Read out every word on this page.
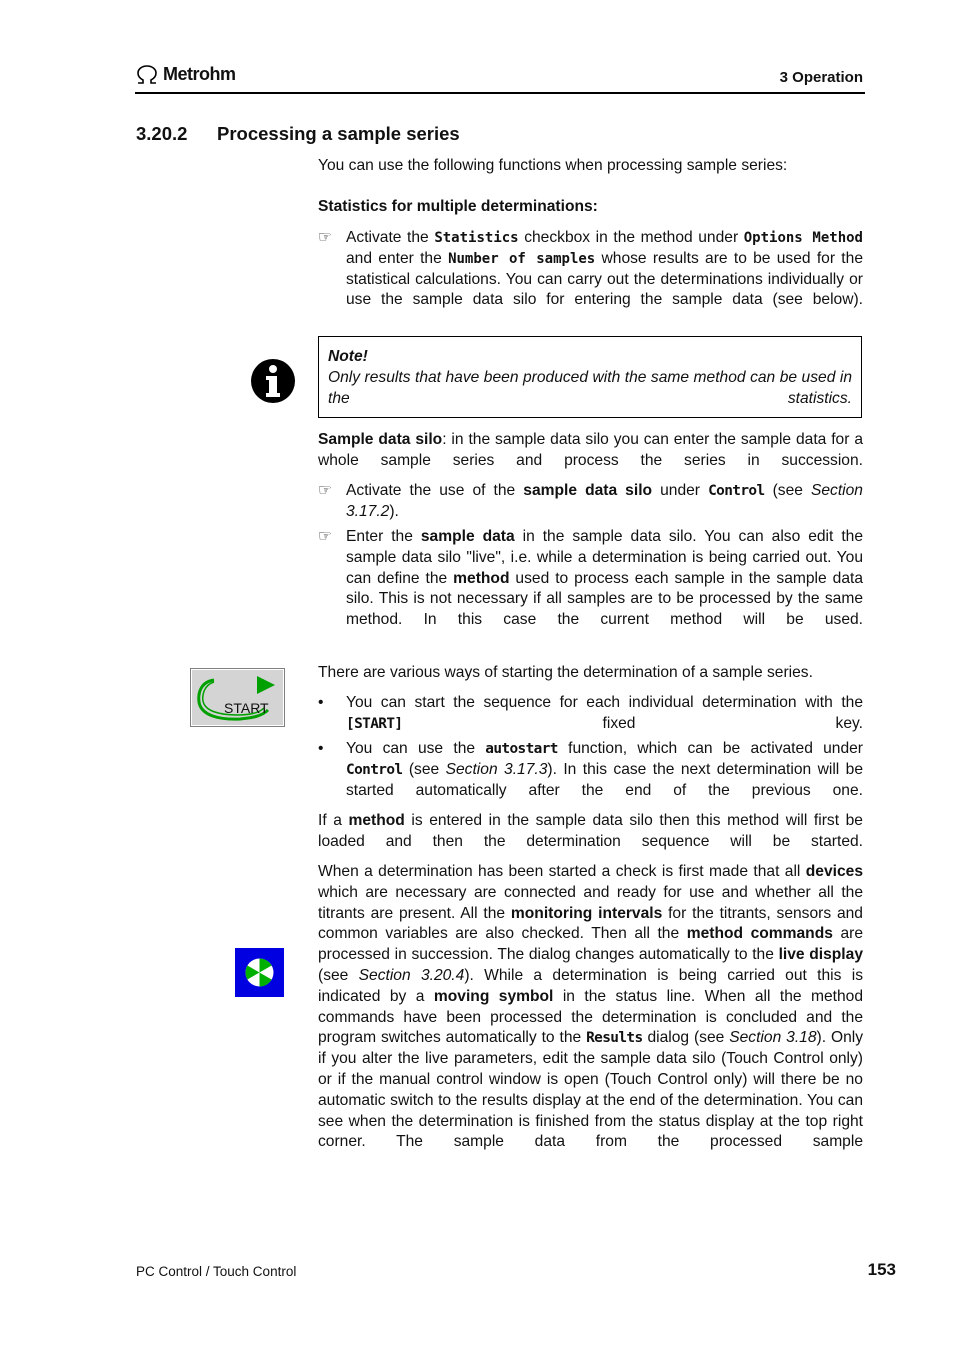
Metrohm	3 Operation
3.20.2 Processing a sample series

You can use the following functions when processing sample series:

Statistics for multiple determinations:
☞ Activate the Statistics checkbox in the method under Options Method and enter the Number of samples whose results are to be used for the statistical calculations. You can carry out the determinations individually or use the sample data silo for entering the sample data (see below).

Note!

Only results that have been produced with the same method can be used in the statistics.

Sample data silo: in the sample data silo you can enter the sample data for a whole sample series and process the series in succession.

☞ Activate the use of the sample data silo under Control (see Section 3.17.2).

☞ Enter the sample data in the sample data silo. You can also edit the sample data silo "live", i.e. while a determination is being carried out. You can define the method used to process each sample in the sample data silo. This is not necessary if all samples are to be processed by the same method. In this case the current method will be used.

START
There are various ways of starting the determination of a sample series.
•	You can start the sequence for each individual determination with the [START] fixed key.

•	You can use the autostart function, which can be activated under Control (see Section 3.17.3). In this case the next determination will be started automatically after the end of the previous one.

If a method is entered in the sample data silo then this method will first be loaded and then the determination sequence will be started.

When a determination has been started a check is first made that all devices which are necessary are connected and ready for use and whether all the titrants are present. All the monitoring intervals for the titrants, sensors and common variables are also checked. Then all the method commands are processed in succession. The dialog changes automatically to the live display (see Section 3.20.4). While a determination is being carried out this is indicated by a moving symbol in the status line. When all the method commands have been processed the determination is concluded and the program switches automatically to the Results dialog (see Section 3.18). Only if you alter the live parameters, edit the sample data silo (Touch Control only) or if the manual control window is open (Touch Control only) will there be no automatic switch to the results display at the end of the determination. You can see when the determination is finished from the status display at the top right corner. The sample data from the processed sample

PC Control / Touch Control	153
